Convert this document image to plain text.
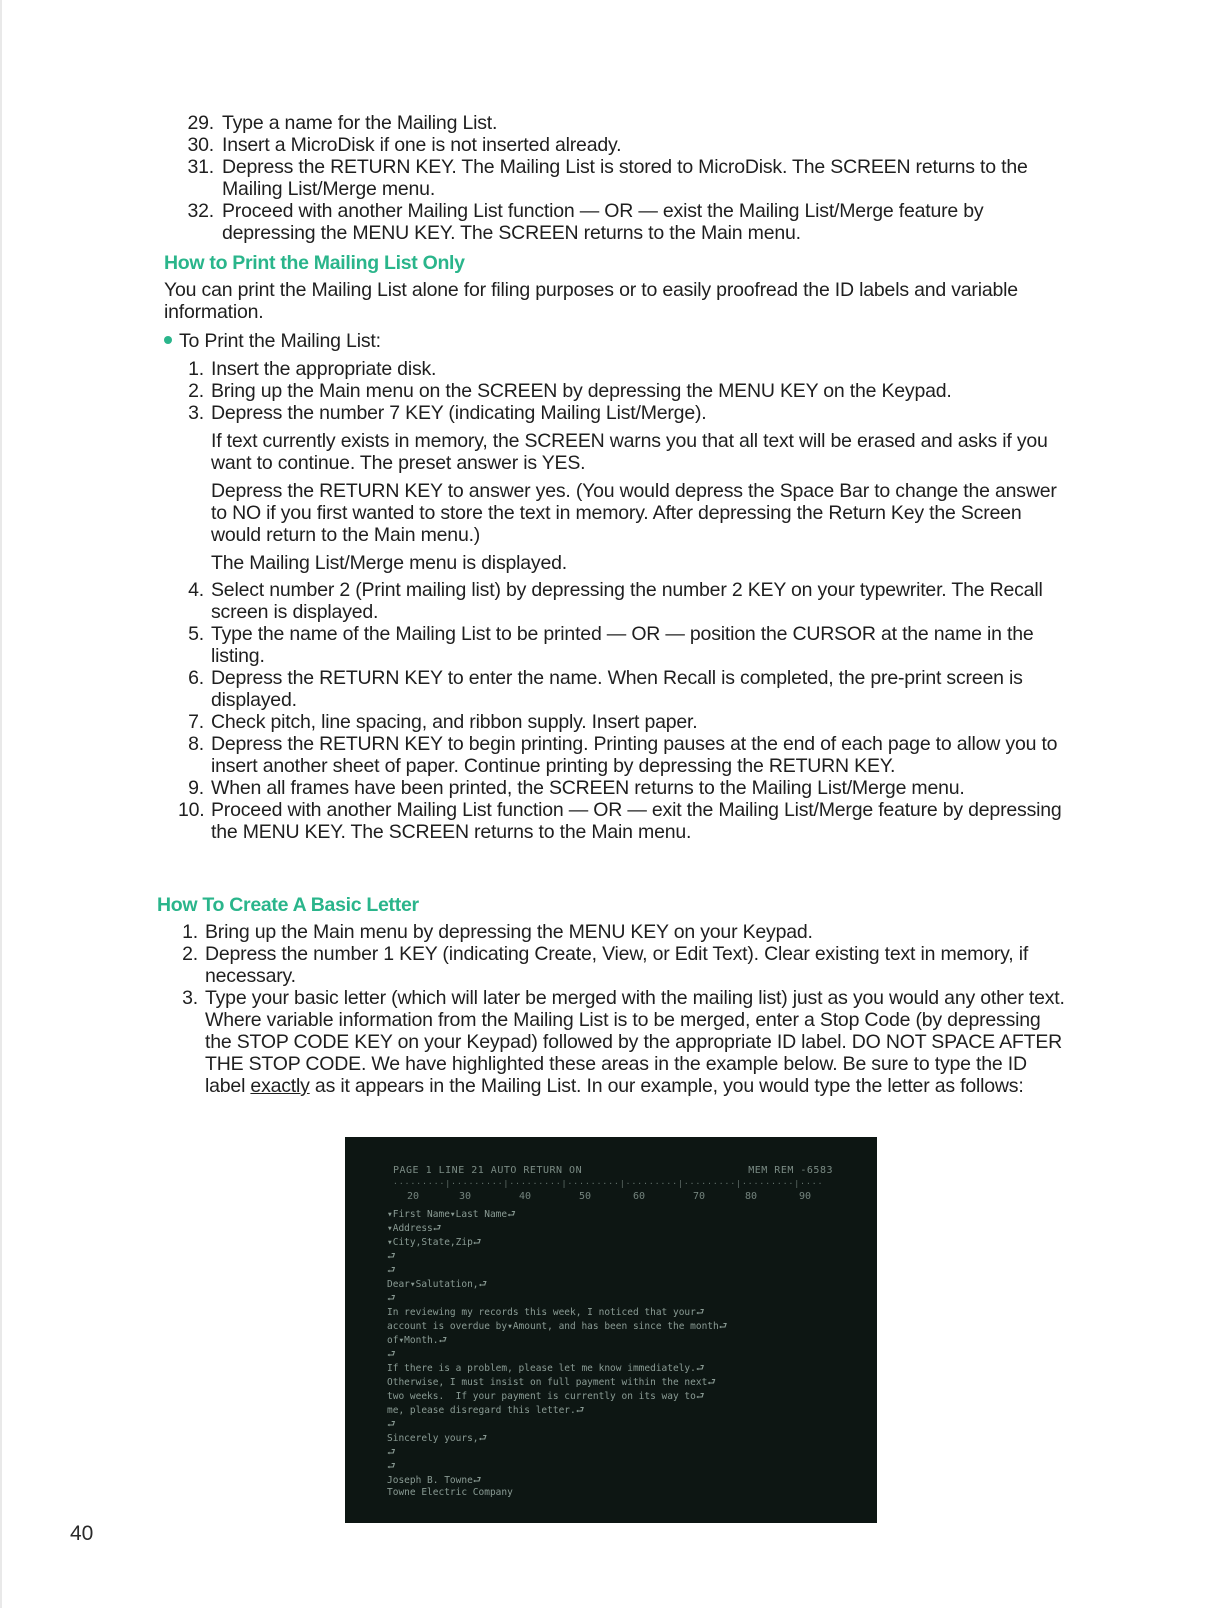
29. Type a name for the Mailing List.
30. Insert a MicroDisk if one is not inserted already.
31. Depress the RETURN KEY. The Mailing List is stored to MicroDisk. The SCREEN returns to the Mailing List/Merge menu.
32. Proceed with another Mailing List function — OR — exist the Mailing List/Merge feature by depressing the MENU KEY. The SCREEN returns to the Main menu.
How to Print the Mailing List Only
You can print the Mailing List alone for filing purposes or to easily proofread the ID labels and variable information.
To Print the Mailing List:
1. Insert the appropriate disk.
2. Bring up the Main menu on the SCREEN by depressing the MENU KEY on the Keypad.
3. Depress the number 7 KEY (indicating Mailing List/Merge).
If text currently exists in memory, the SCREEN warns you that all text will be erased and asks if you want to continue. The preset answer is YES.
Depress the RETURN KEY to answer yes. (You would depress the Space Bar to change the answer to NO if you first wanted to store the text in memory. After depressing the Return Key the Screen would return to the Main menu.)
The Mailing List/Merge menu is displayed.
4. Select number 2 (Print mailing list) by depressing the number 2 KEY on your typewriter. The Recall screen is displayed.
5. Type the name of the Mailing List to be printed — OR — position the CURSOR at the name in the listing.
6. Depress the RETURN KEY to enter the name. When Recall is completed, the pre-print screen is displayed.
7. Check pitch, line spacing, and ribbon supply. Insert paper.
8. Depress the RETURN KEY to begin printing. Printing pauses at the end of each page to allow you to insert another sheet of paper. Continue printing by depressing the RETURN KEY.
9. When all frames have been printed, the SCREEN returns to the Mailing List/Merge menu.
10. Proceed with another Mailing List function — OR — exit the Mailing List/Merge feature by depressing the MENU KEY. The SCREEN returns to the Main menu.
How To Create A Basic Letter
1. Bring up the Main menu by depressing the MENU KEY on your Keypad.
2. Depress the number 1 KEY (indicating Create, View, or Edit Text). Clear existing text in memory, if necessary.
3. Type your basic letter (which will later be merged with the mailing list) just as you would any other text. Where variable information from the Mailing List is to be merged, enter a Stop Code (by depressing the STOP CODE KEY on your Keypad) followed by the appropriate ID label. DO NOT SPACE AFTER THE STOP CODE. We have highlighted these areas in the example below. Be sure to type the ID label exactly as it appears in the Mailing List. In our example, you would type the letter as follows:
PAGE 1 LINE 21 AUTO RETURN ON	MEM REM -6583
·········|·········|·········|·········|·········|·········|·········|····
20	30	40	50	60	70	80	90
▾First Name▾Last Name⮐
▾Address⮐
▾City,State,Zip⮐
⮐
⮐
Dear▾Salutation,⮐
⮐
In reviewing my records this week, I noticed that your⮐
account is overdue by▾Amount, and has been since the month⮐
of▾Month.⮐
⮐
If there is a problem, please let me know immediately.⮐
Otherwise, I must insist on full payment within the next⮐
two weeks.  If your payment is currently on its way to⮐
me, please disregard this letter.⮐
⮐
Sincerely yours,⮐
⮐
⮐
Joseph B. Towne⮐
Towne Electric Company
40
